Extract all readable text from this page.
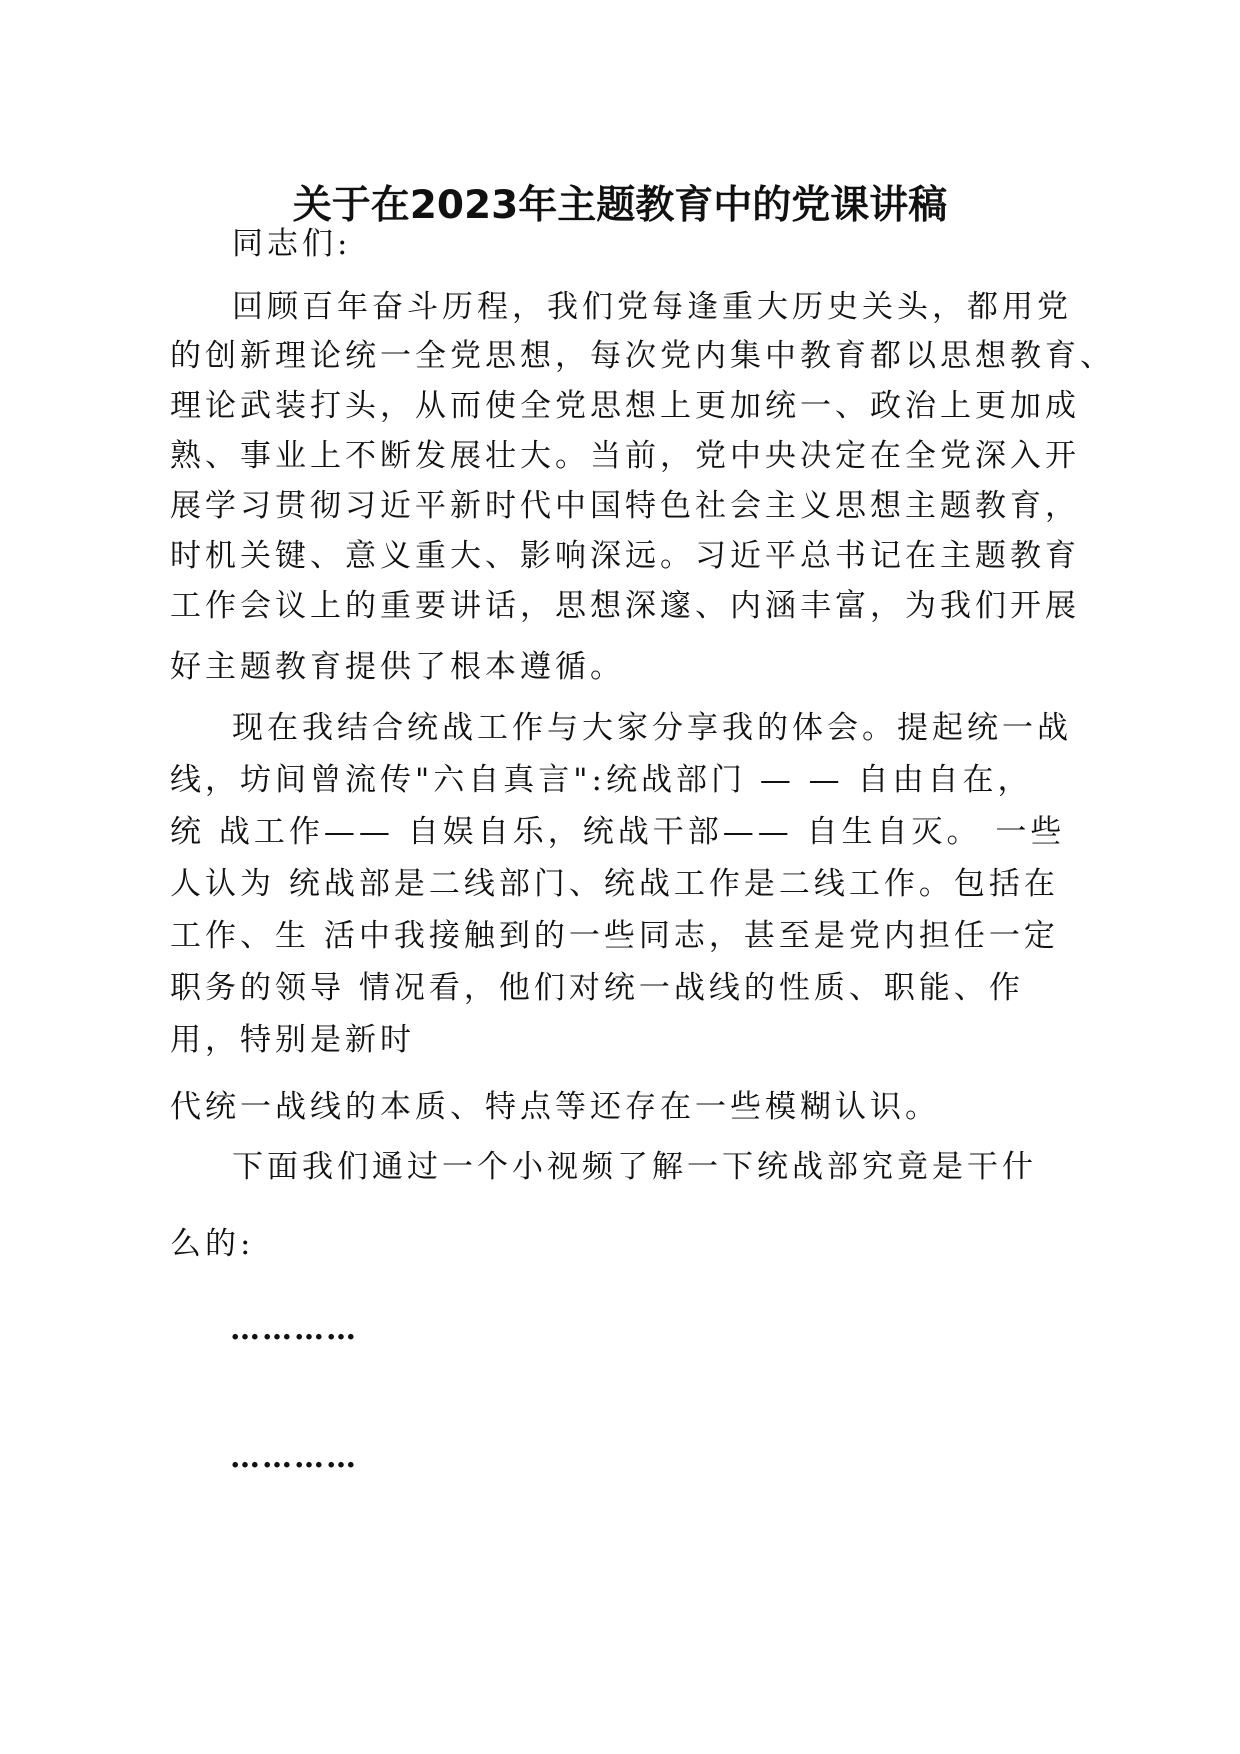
关于在2023年主题教育中的党课讲稿

同志们:

回顾百年奋斗历程，我们党每逢重大历史关头，都用党

的创新理论统一全党思想，每次党内集中教育都以思想教育、

理论武装打头，从而使全党思想上更加统一、政治上更加成

熟、事业上不断发展壮大。当前，党中央决定在全党深入开

展学习贯彻习近平新时代中国特色社会主义思想主题教育，

时机关键、意义重大、影响深远。习近平总书记在主题教育

工作会议上的重要讲话，思想深邃、内涵丰富，为我们开展

好主题教育提供了根本遵循。

现在我结合统战工作与大家分享我的体会。提起统一战

线，坊间曾流传"六自真言":统战部门 — — 自由自在，

统 战工作—— 自娱自乐，统战干部—— 自生自灭。 一些

人认为 统战部是二线部门、统战工作是二线工作。包括在

工作、生 活中我接触到的一些同志，甚至是党内担任一定

职务的领导 情况看，他们对统一战线的性质、职能、作

用，特别是新时

代统一战线的本质、特点等还存在一些模糊认识。

下面我们通过一个小视频了解一下统战部究竟是干什

么的:

…………

…………
